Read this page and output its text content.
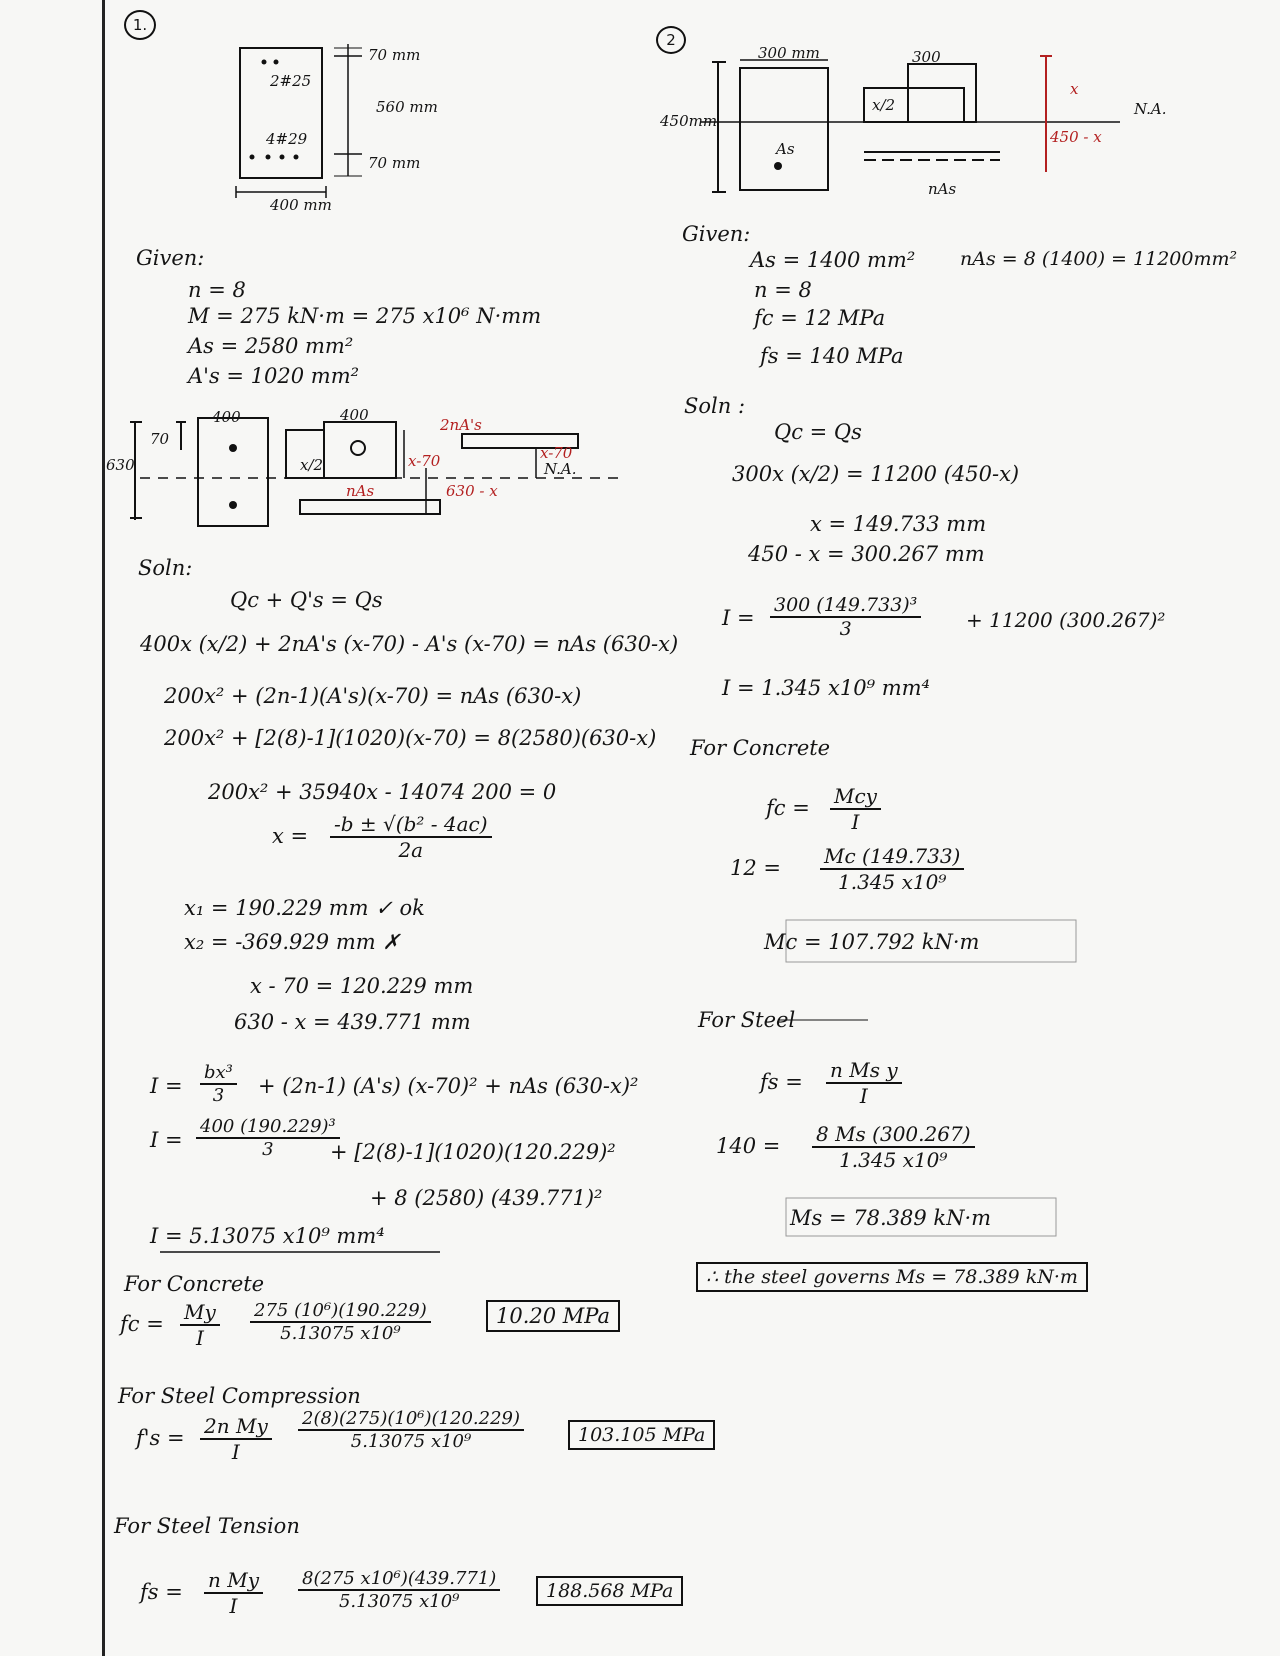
1.
2#25
4#29
70 mm
560 mm
70 mm
400 mm
Given:
n = 8
M = 275 kN·m = 275 x10⁶ N·mm
As = 2580 mm²
A's = 1020 mm²
630
70
400	400
x/2	x-70
nAs
2nA's
x-70
N.A.
630 - x
Soln:
Qc + Q's = Qs
400x (x/2) + 2nA's (x-70) - A's (x-70) = nAs (630-x)
200x² + (2n-1)(A's)(x-70) = nAs (630-x)
200x² + [2(8)-1](1020)(x-70) = 8(2580)(630-x)
200x² + 35940x - 14074 200 = 0
$x = \frac{\text{-b ± √(b² - 4ac)}}{2a}$
x₁ = 190.229 mm ✓ ok
x₂ = -369.929 mm ✗
x - 70 = 120.229 mm
630 - x = 439.771 mm
$I = \frac{\text{bx³}}{3} + (2n-1)$ (A's) (x-70)² + nAs (630-x)²
$I = \frac{\text{400 (190.229)³}}{3}$
+ [2(8)-1](1020)(120.229)²
+ 8 (2580) (439.771)²
I = 5.13075 x10⁹ mm⁴
For Concrete
fc = $\frac{My}{I} \frac{\text{275 (10⁶)(190.229)}}{\text{5.13075 x10⁹}}$	10.20 MPa
For Steel Compression
$f's = \frac{\text{2n My}}{I} \frac{\text{2(8)(275)(10⁶)(120.229)}}{\text{5.13075 x10⁹}}$	103.105 MPa
For Steel Tension
fs = $\frac{\text{n My}}{I} \frac{\text{8(275 x10⁶)(439.771)}}{\text{5.13075 x10⁹}}$	188.568 MPa
2
300 mm	300
450mm
x/2
As
x
N.A.
450 - x
nAs
Given:
As = 1400 mm² nAs = 8 (1400) = 11200mm²
n = 8
fc = 12 MPa
fs = 140 MPa
Soln :
Qc = Qs
300x (x/2) = 11200 (450-x)
x = 149.733 mm
450 - x = 300.267 mm
$I = \frac{\text{300 (149.733)³}}{3} + 11200$ (300.267)²
I = 1.345 x10⁹ mm⁴
For Concrete
fc = Mcy
I
$12 = \frac{Mc (149.733)}{\text{1.345 x10⁹}}$
Mc = 107.792 kN·m
For Steel
fs = $\frac{\text{n Ms y}}{I}$
$140 = \frac{8 Ms (300.267)}{\text{1.345 x10⁹}}$
Ms = 78.389 kN·m
∴ the steel governs Ms = 78.389 kN·m
